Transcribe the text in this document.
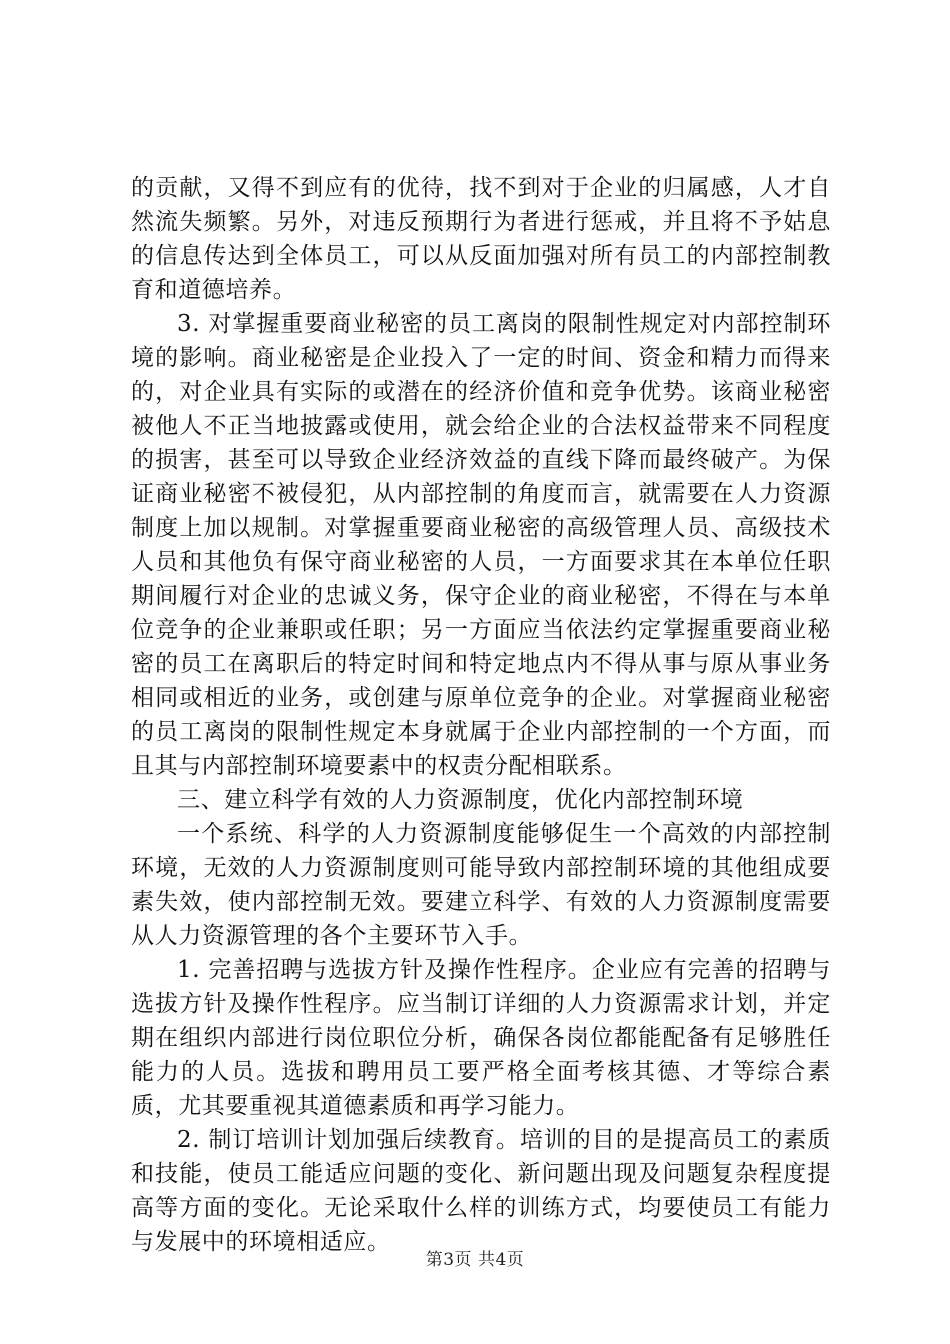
的贡献，又得不到应有的优待，找不到对于企业的归属感，人才自然流失频繁。另外，对违反预期行为者进行惩戒，并且将不予姑息的信息传达到全体员工，可以从反面加强对所有员工的内部控制教育和道德培养。

3. 对掌握重要商业秘密的员工离岗的限制性规定对内部控制环境的影响。商业秘密是企业投入了一定的时间、资金和精力而得来的，对企业具有实际的或潜在的经济价值和竞争优势。该商业秘密被他人不正当地披露或使用，就会给企业的合法权益带来不同程度的损害，甚至可以导致企业经济效益的直线下降而最终破产。为保证商业秘密不被侵犯，从内部控制的角度而言，就需要在人力资源制度上加以规制。对掌握重要商业秘密的高级管理人员、高级技术人员和其他负有保守商业秘密的人员，一方面要求其在本单位任职期间履行对企业的忠诚义务，保守企业的商业秘密，不得在与本单位竞争的企业兼职或任职；另一方面应当依法约定掌握重要商业秘密的员工在离职后的特定时间和特定地点内不得从事与原从事业务相同或相近的业务，或创建与原单位竞争的企业。对掌握商业秘密的员工离岗的限制性规定本身就属于企业内部控制的一个方面，而且其与内部控制环境要素中的权责分配相联系。

三、建立科学有效的人力资源制度，优化内部控制环境

一个系统、科学的人力资源制度能够促生一个高效的内部控制环境，无效的人力资源制度则可能导致内部控制环境的其他组成要素失效，使内部控制无效。要建立科学、有效的人力资源制度需要从人力资源管理的各个主要环节入手。

1. 完善招聘与选拔方针及操作性程序。企业应有完善的招聘与选拔方针及操作性程序。应当制订详细的人力资源需求计划，并定期在组织内部进行岗位职位分析，确保各岗位都能配备有足够胜任能力的人员。选拔和聘用员工要严格全面考核其德、才等综合素质，尤其要重视其道德素质和再学习能力。

2. 制订培训计划加强后续教育。培训的目的是提高员工的素质和技能，使员工能适应问题的变化、新问题出现及问题复杂程度提高等方面的变化。无论采取什么样的训练方式，均要使员工有能力与发展中的环境相适应。

第3页 共4页
